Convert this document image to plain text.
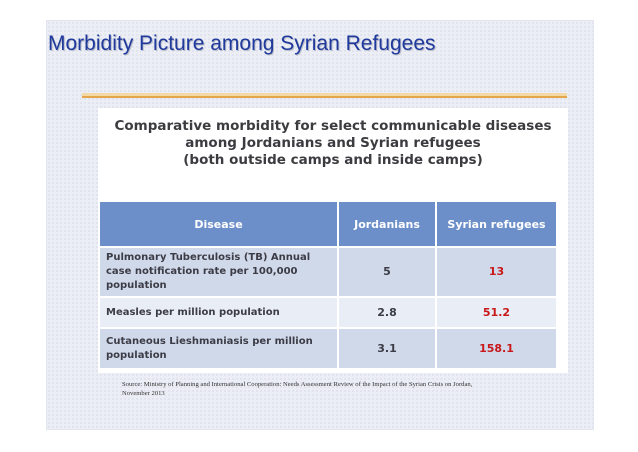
Morbidity Picture among Syrian Refugees
Comparative morbidity for select communicable diseases
among Jordanians and Syrian refugees
(both outside camps and inside camps)
Disease	Jordanians	Syrian refugees
Pulmonary Tuberculosis (TB) Annual case notification rate per 100,000 population	5	13
Measles per million population	2.8	51.2
Cutaneous Lieshmaniasis per million population	3.1	158.1
Source: Ministry of Planning and International Cooperation: Needs Assessment Review of the Impact of the Syrian Crisis on Jordan, November 2013
